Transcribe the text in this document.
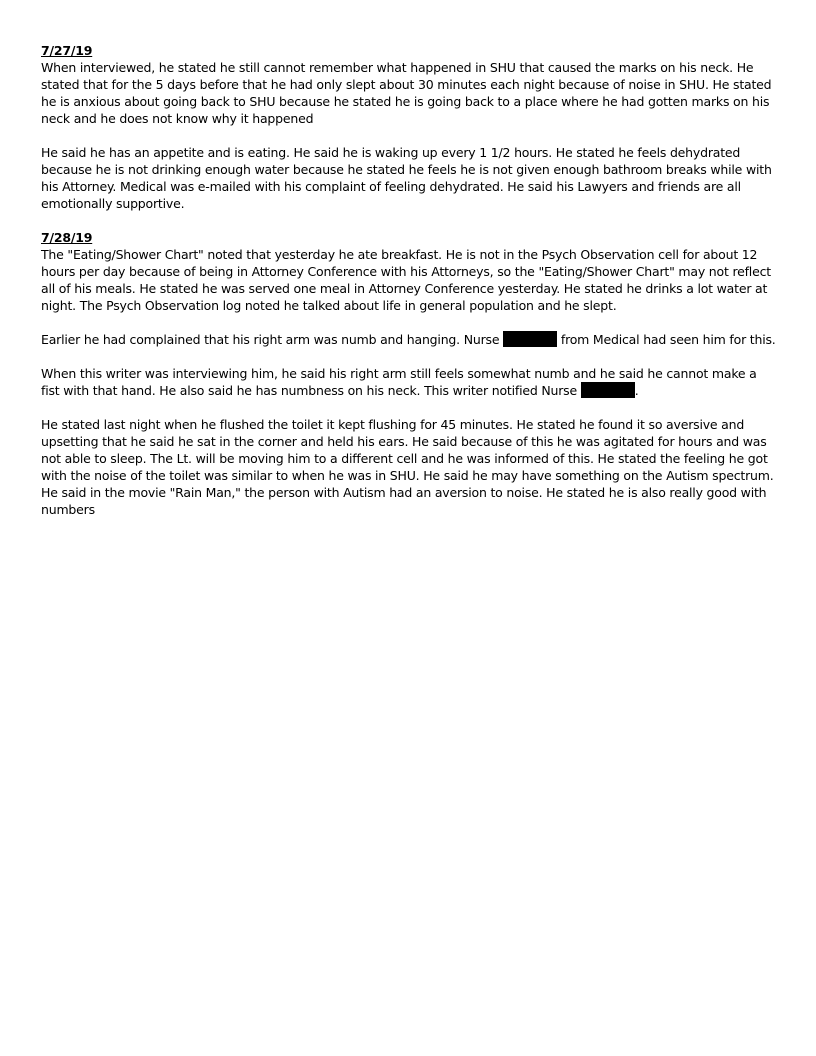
7/27/19

When interviewed, he stated he still cannot remember what happened in SHU that caused the marks on his neck. He stated that for the 5 days before that he had only slept about 30 minutes each night because of noise in SHU. He stated he is anxious about going back to SHU because he stated he is going back to a place where he had gotten marks on his neck and he does not know why it happened

He said he has an appetite and is eating. He said he is waking up every 1 1/2 hours. He stated he feels dehydrated because he is not drinking enough water because he stated he feels he is not given enough bathroom breaks while with his Attorney. Medical was e-mailed with his complaint of feeling dehydrated. He said his Lawyers and friends are all emotionally supportive.

7/28/19

The "Eating/Shower Chart" noted that yesterday he ate breakfast. He is not in the Psych Observation cell for about 12 hours per day because of being in Attorney Conference with his Attorneys, so the "Eating/Shower Chart" may not reflect all of his meals. He stated he was served one meal in Attorney Conference yesterday. He stated he drinks a lot water at night. The Psych Observation log noted he talked about life in general population and he slept.

Earlier he had complained that his right arm was numb and hanging. Nurse	from Medical had seen him for this.

When this writer was interviewing him, he said his right arm still feels somewhat numb and he said he cannot make a fist with that hand. He also said he has numbness on his neck. This writer notified Nurse	.

He stated last night when he flushed the toilet it kept flushing for 45 minutes. He stated he found it so aversive and upsetting that he said he sat in the corner and held his ears. He said because of this he was agitated for hours and was not able to sleep. The Lt. will be moving him to a different cell and he was informed of this. He stated the feeling he got with the noise of the toilet was similar to when he was in SHU. He said he may have something on the Autism spectrum. He said in the movie "Rain Man," the person with Autism had an aversion to noise. He stated he is also really good with numbers
